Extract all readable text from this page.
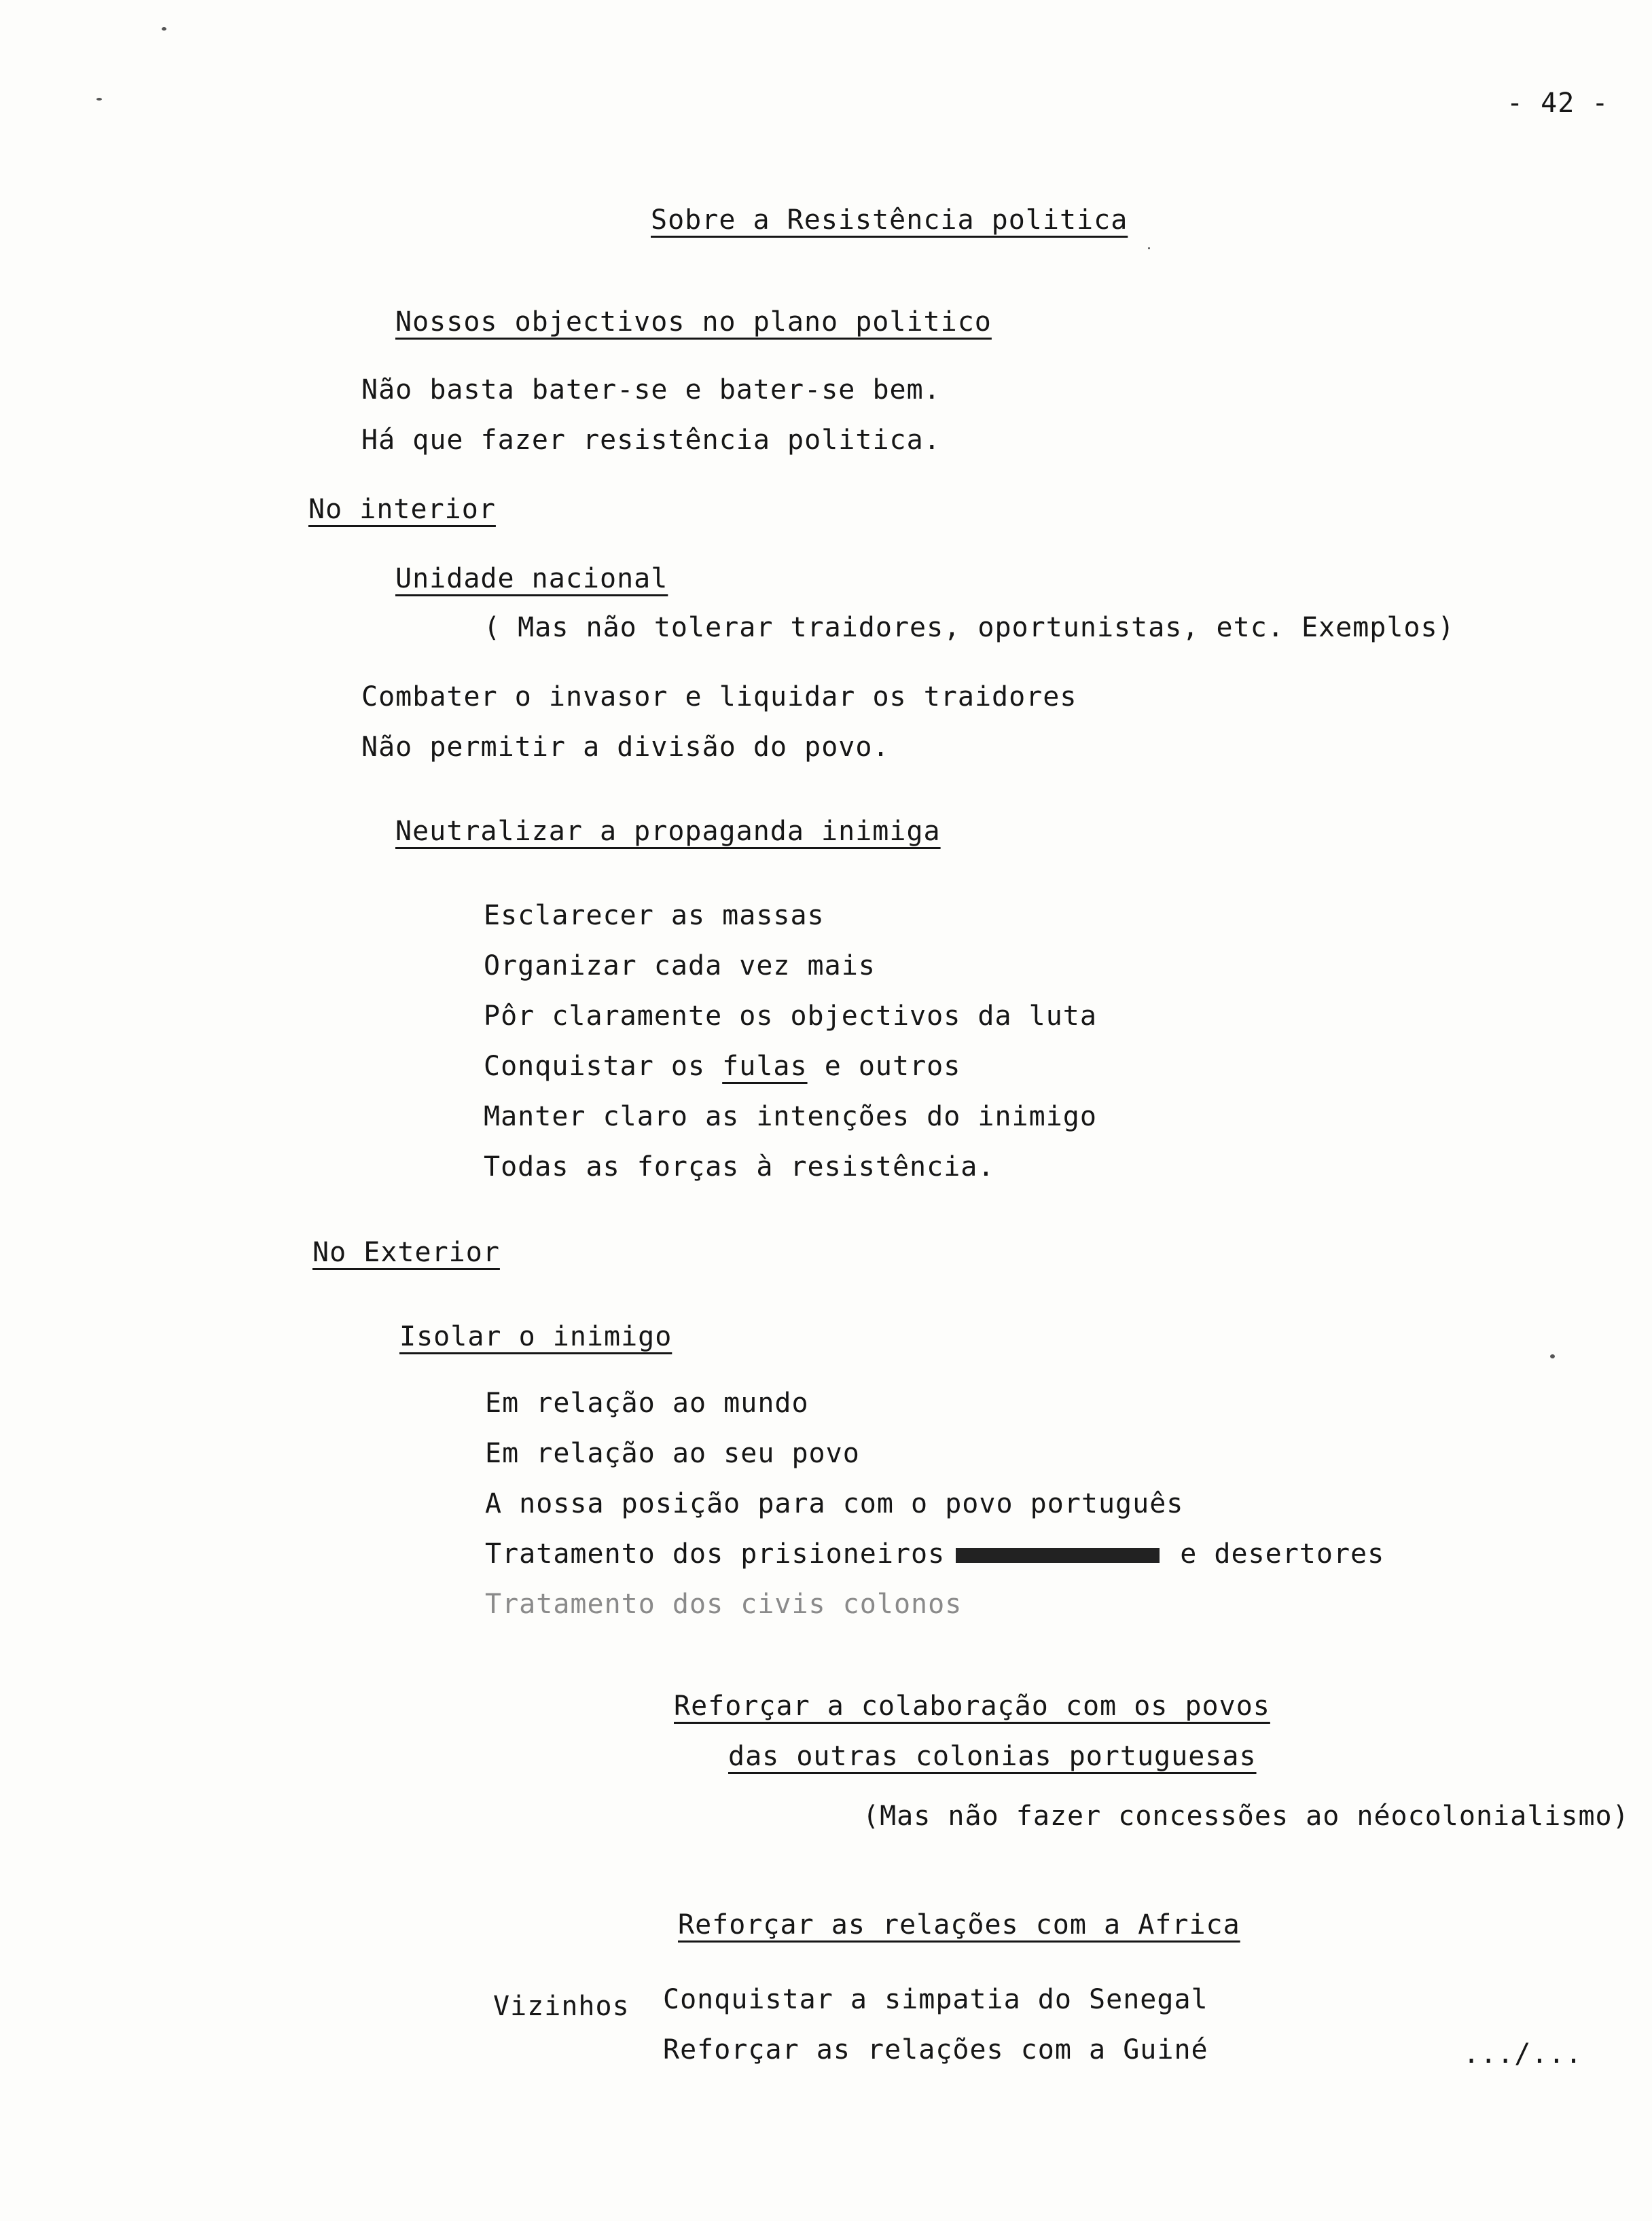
- 42 -
Sobre a Resistência politica
Nossos objectivos no plano politico
Não basta bater-se e bater-se bem.
Há que fazer resistência politica.
No interior
Unidade nacional
( Mas não tolerar traidores, oportunistas, etc. Exemplos)
Combater o invasor e liquidar os traidores
Não permitir a divisão do povo.
Neutralizar a propaganda inimiga
Esclarecer as massas
Organizar cada vez mais
Pôr claramente os objectivos da luta
Conquistar os fulas e outros
Manter claro as intenções do inimigo
Todas as forças à resistência.
No Exterior
Isolar o inimigo
Em relação ao mundo
Em relação ao seu povo
A nossa posição para com o povo português
Tratamento dos prisioneiros	e desertores
Tratamento dos civis colonos
Reforçar a colaboração com os povos
das outras colonias portuguesas
(Mas não fazer concessões ao néocolonialismo)
Reforçar as relações com a Africa
Vizinhos Conquistar a simpatia do Senegal
Reforçar as relações com a Guiné	.../...
